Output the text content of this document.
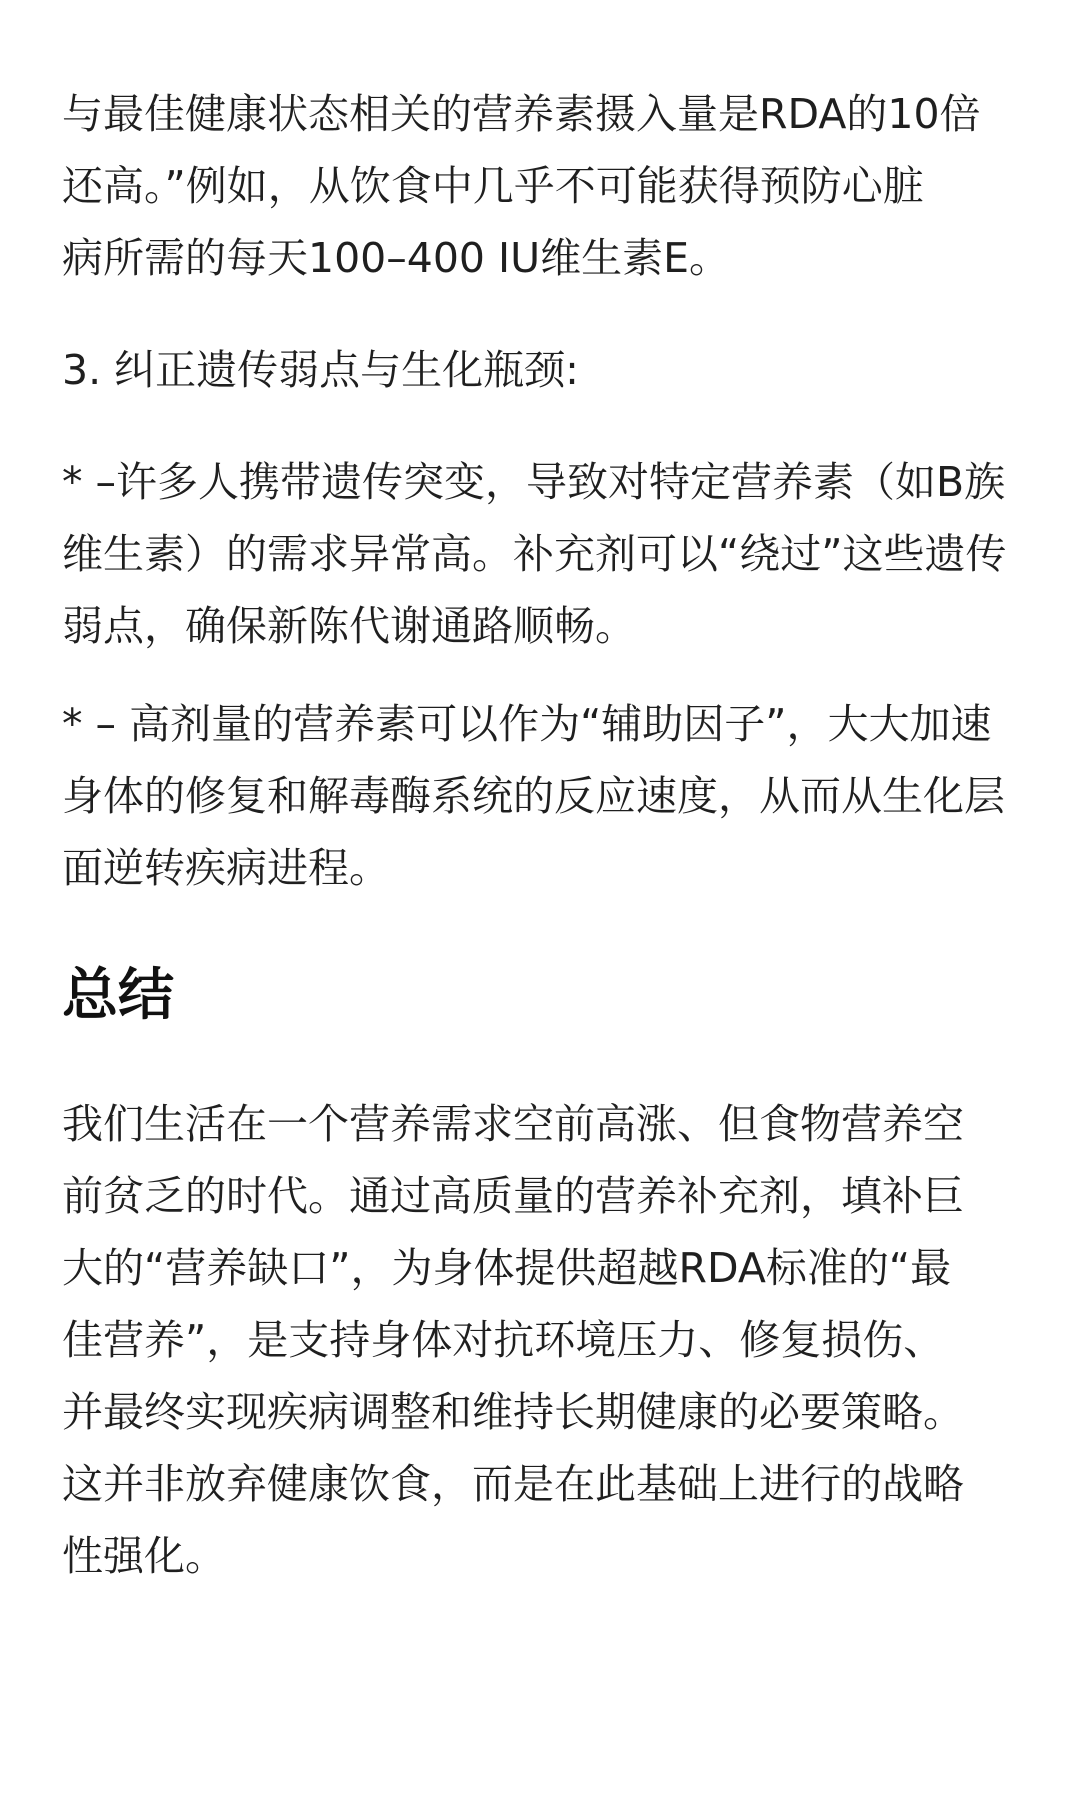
与最佳健康状态相关的营养素摄入量是RDA的10倍
还高。”例如，从饮食中几乎不可能获得预防心脏
病所需的每天100–400 IU维生素E。

3. 纠正遗传弱点与生化瓶颈:

* –许多人携带遗传突变，导致对特定营养素（如B族
维生素）的需求异常高。补充剂可以“绕过”这些遗传
弱点，确保新陈代谢通路顺畅。

* – 高剂量的营养素可以作为“辅助因子”，大大加速
身体的修复和解毒酶系统的反应速度，从而从生化层
面逆转疾病进程。

总结

我们生活在一个营养需求空前高涨、但食物营养空
前贫乏的时代。通过高质量的营养补充剂，填补巨
大的“营养缺口”，为身体提供超越RDA标准的“最
佳营养”，是支持身体对抗环境压力、修复损伤、
并最终实现疾病调整和维持长期健康的必要策略。
这并非放弃健康饮食，而是在此基础上进行的战略
性强化。
